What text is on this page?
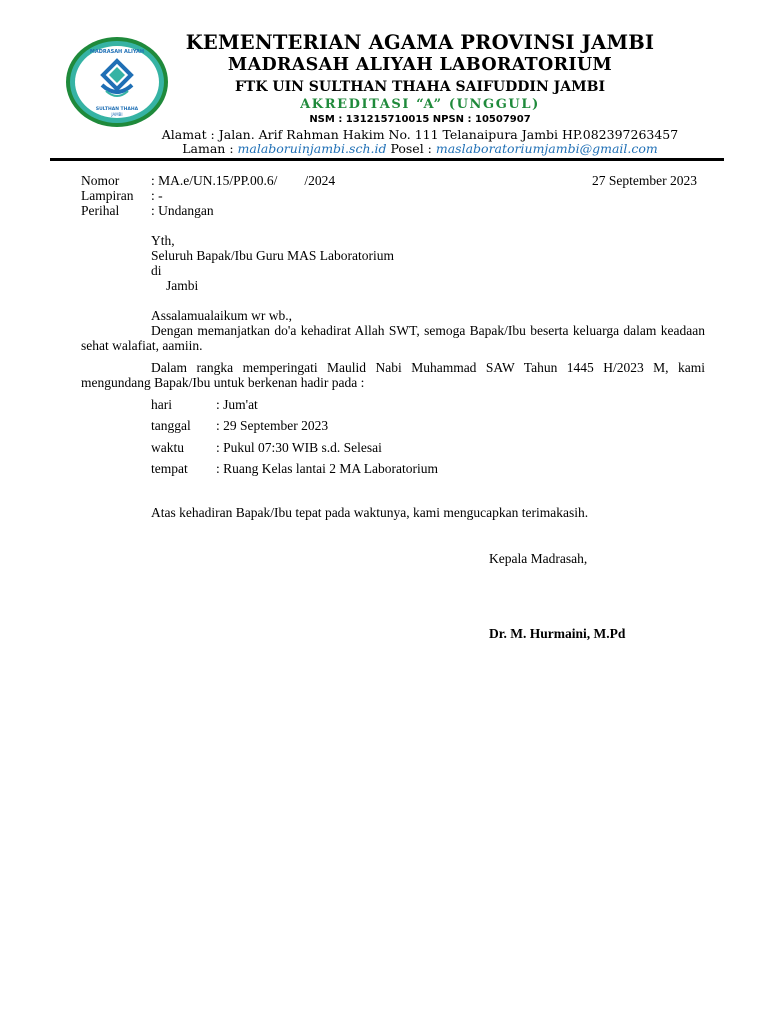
MADRASAH ALIYAH
SULTHAN THAHA
JAMBI
KEMENTERIAN AGAMA PROVINSI JAMBI
MADRASAH ALIYAH LABORATORIUM
FTK UIN SULTHAN THAHA SAIFUDDIN JAMBI
AKREDITASI “A” (UNGGUL)
NSM : 131215710015 NPSN : 10507907
Alamat : Jalan. Arif Rahman Hakim No. 111 Telanaipura Jambi HP.082397263457
Laman : malaboruinjambi.sch.id Posel : maslaboratoriumjambi@gmail.com
Nomor : MA.e/UN.15/PP.00.6/        /2024	27 September 2023
Lampiran : -
Perihal : Undangan
Yth,
Seluruh Bapak/Ibu Guru MAS Laboratorium
di
Jambi
Assalamualaikum wr wb.,
Dengan memanjatkan do'a kehadirat Allah SWT, semoga Bapak/Ibu beserta keluarga dalam keadaan sehat walafiat, aamiin.
Dalam rangka memperingati Maulid Nabi Muhammad SAW Tahun 1445 H/2023 M, kami mengundang Bapak/Ibu untuk berkenan hadir pada :
hari	: Jum'at
tanggal : 29 September 2023
waktu : Pukul 07:30 WIB s.d. Selesai
tempat : Ruang Kelas lantai 2 MA Laboratorium
Atas kehadiran Bapak/Ibu tepat pada waktunya, kami mengucapkan terimakasih.
Kepala Madrasah,
Dr. M. Hurmaini, M.Pd
